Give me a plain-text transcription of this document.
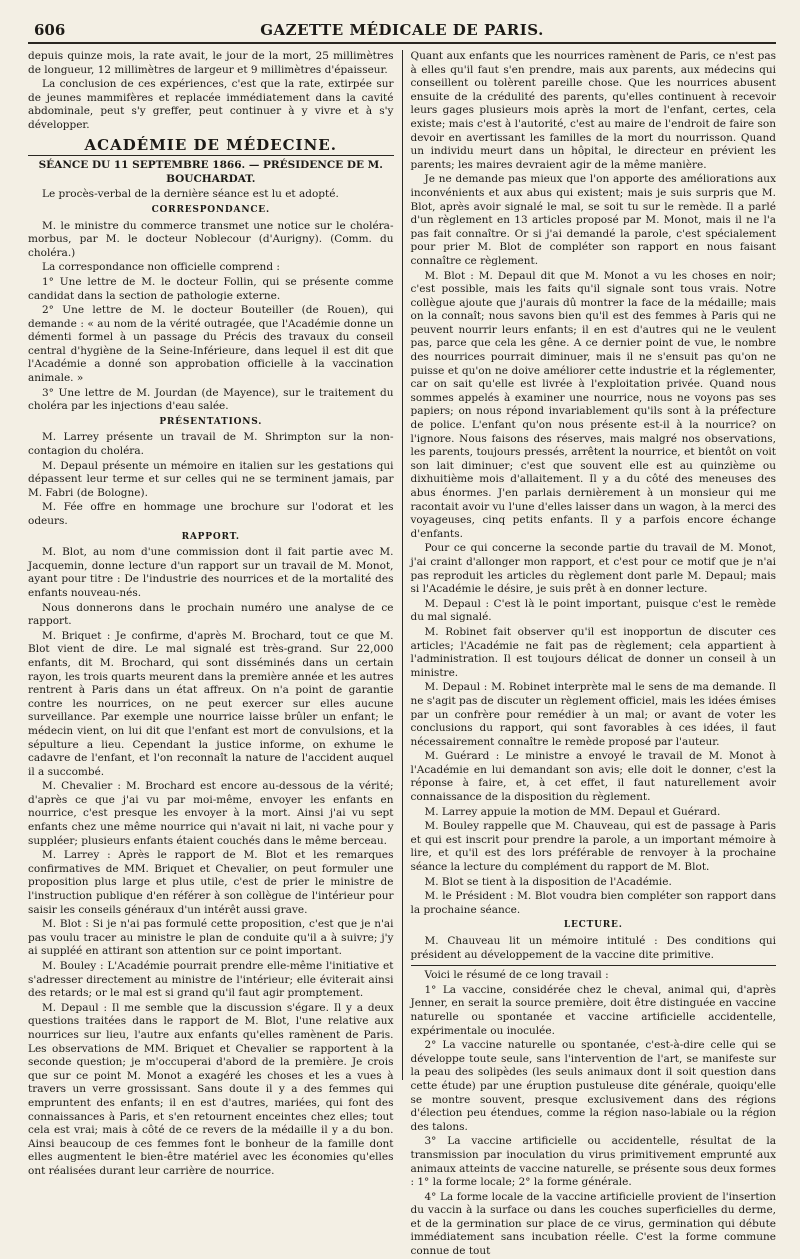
606	GAZETTE MÉDICALE DE PARIS.

depuis quinze mois, la rate avait, le jour de la mort, 25 millimètres de longueur, 12 millimètres de largeur et 9 millimètres d'épaisseur.

La conclusion de ces expériences, c'est que la rate, extirpée sur de jeunes mammifères et replacée immédiatement dans la cavité abdominale, peut s'y greffer, peut continuer à y vivre et à s'y développer.

ACADÉMIE DE MÉDECINE.
SÉANCE DU 11 SEPTEMBRE 1866. — PRÉSIDENCE DE M. BOUCHARDAT.

Le procès-verbal de la dernière séance est lu et adopté.

CORRESPONDANCE.

M. le ministre du commerce transmet une notice sur le choléra-morbus, par M. le docteur Noblecour (d'Aurigny). (Comm. du choléra.)

La correspondance non officielle comprend :

1° Une lettre de M. le docteur Follin, qui se présente comme candidat dans la section de pathologie externe.

2° Une lettre de M. le docteur Bouteiller (de Rouen), qui demande : « au nom de la vérité outragée, que l'Académie donne un démenti formel à un passage du Précis des travaux du conseil central d'hygiène de la Seine-Inférieure, dans lequel il est dit que l'Académie a donné son approbation officielle à la vaccination animale. »

3° Une lettre de M. Jourdan (de Mayence), sur le traitement du choléra par les injections d'eau salée.

PRÉSENTATIONS.

M. Larrey présente un travail de M. Shrimpton sur la non-contagion du choléra.

M. Depaul présente un mémoire en italien sur les gestations qui dépassent leur terme et sur celles qui ne se terminent jamais, par M. Fabri (de Bologne).

M. Fée offre en hommage une brochure sur l'odorat et les odeurs.

RAPPORT.

M. Blot, au nom d'une commission dont il fait partie avec M. Jacquemin, donne lecture d'un rapport sur un travail de M. Monot, ayant pour titre : De l'industrie des nourrices et de la mortalité des enfants nouveau-nés.

Nous donnerons dans le prochain numéro une analyse de ce rapport.

M. Briquet : Je confirme, d'après M. Brochard, tout ce que M. Blot vient de dire. Le mal signalé est très-grand. Sur 22,000 enfants, dit M. Brochard, qui sont disséminés dans un certain rayon, les trois quarts meurent dans la première année et les autres rentrent à Paris dans un état affreux. On n'a point de garantie contre les nourrices, on ne peut exercer sur elles aucune surveillance. Par exemple une nourrice laisse brûler un enfant; le médecin vient, on lui dit que l'enfant est mort de convulsions, et la sépulture a lieu. Cependant la justice informe, on exhume le cadavre de l'enfant, et l'on reconnaît la nature de l'accident auquel il a succombé.

M. Chevalier : M. Brochard est encore au-dessous de la vérité; d'après ce que j'ai vu par moi-même, envoyer les enfants en nourrice, c'est presque les envoyer à la mort. Ainsi j'ai vu sept enfants chez une même nourrice qui n'avait ni lait, ni vache pour y suppléer; plusieurs enfants étaient couchés dans le même berceau.

M. Larrey : Après le rapport de M. Blot et les remarques confirmatives de MM. Briquet et Chevalier, on peut formuler une proposition plus large et plus utile, c'est de prier le ministre de l'instruction publique d'en référer à son collègue de l'intérieur pour saisir les conseils généraux d'un intérêt aussi grave.

M. Blot : Si je n'ai pas formulé cette proposition, c'est que je n'ai pas voulu tracer au ministre le plan de conduite qu'il a à suivre; j'y ai suppléé en attirant son attention sur ce point important.

M. Bouley : L'Académie pourrait prendre elle-même l'initiative et s'adresser directement au ministre de l'intérieur; elle éviterait ainsi des retards; or le mal est si grand qu'il faut agir promptement.

M. Depaul : Il me semble que la discussion s'égare. Il y a deux questions traitées dans le rapport de M. Blot, l'une relative aux nourrices sur lieu, l'autre aux enfants qu'elles ramènent de Paris. Les observations de MM. Briquet et Chevalier se rapportent à la seconde question; je m'occuperai d'abord de la première. Je crois que sur ce point M. Monot a exagéré les choses et les a vues à travers un verre grossissant. Sans doute il y a des femmes qui empruntent des enfants; il en est d'autres, mariées, qui font des connaissances à Paris, et s'en retournent enceintes chez elles; tout cela est vrai; mais à côté de ce revers de la médaille il y a du bon. Ainsi beaucoup de ces femmes font le bonheur de la famille dont elles augmentent le bien-être matériel avec les économies qu'elles ont réalisées durant leur carrière de nourrice.

Quant aux enfants que les nourrices ramènent de Paris, ce n'est pas à elles qu'il faut s'en prendre, mais aux parents, aux médecins qui conseillent ou tolèrent pareille chose. Que les nourrices abusent ensuite de la crédulité des parents, qu'elles continuent à recevoir leurs gages plusieurs mois après la mort de l'enfant, certes, cela existe; mais c'est à l'autorité, c'est au maire de l'endroit de faire son devoir en avertissant les familles de la mort du nourrisson. Quand un individu meurt dans un hôpital, le directeur en prévient les parents; les maires devraient agir de la même manière.

Je ne demande pas mieux que l'on apporte des améliorations aux inconvénients et aux abus qui existent; mais je suis surpris que M. Blot, après avoir signalé le mal, se soit tu sur le remède. Il a parlé d'un règlement en 13 articles proposé par M. Monot, mais il ne l'a pas fait connaître. Or si j'ai demandé la parole, c'est spécialement pour prier M. Blot de compléter son rapport en nous faisant connaître ce règlement.

M. Blot : M. Depaul dit que M. Monot a vu les choses en noir; c'est possible, mais les faits qu'il signale sont tous vrais. Notre collègue ajoute que j'aurais dû montrer la face de la médaille; mais on la connaît; nous savons bien qu'il est des femmes à Paris qui ne peuvent nourrir leurs enfants; il en est d'autres qui ne le veulent pas, parce que cela les gêne. A ce dernier point de vue, le nombre des nourrices pourrait diminuer, mais il ne s'ensuit pas qu'on ne puisse et qu'on ne doive améliorer cette industrie et la réglementer, car on sait qu'elle est livrée à l'exploitation privée. Quand nous sommes appelés à examiner une nourrice, nous ne voyons pas ses papiers; on nous répond invariablement qu'ils sont à la préfecture de police. L'enfant qu'on nous présente est-il à la nourrice? on l'ignore. Nous faisons des réserves, mais malgré nos observations, les parents, toujours pressés, arrêtent la nourrice, et bientôt on voit son lait diminuer; c'est que souvent elle est au quinzième ou dixhuitième mois d'allaitement. Il y a du côté des meneuses des abus énormes. J'en parlais dernièrement à un monsieur qui me racontait avoir vu l'une d'elles laisser dans un wagon, à la merci des voyageuses, cinq petits enfants. Il y a parfois encore échange d'enfants.

Pour ce qui concerne la seconde partie du travail de M. Monot, j'ai craint d'allonger mon rapport, et c'est pour ce motif que je n'ai pas reproduit les articles du règlement dont parle M. Depaul; mais si l'Académie le désire, je suis prêt à en donner lecture.

M. Depaul : C'est là le point important, puisque c'est le remède du mal signalé.

M. Robinet fait observer qu'il est inopportun de discuter ces articles; l'Académie ne fait pas de règlement; cela appartient à l'administration. Il est toujours délicat de donner un conseil à un ministre.

M. Depaul : M. Robinet interprète mal le sens de ma demande. Il ne s'agit pas de discuter un règlement officiel, mais les idées émises par un confrère pour remédier à un mal; or avant de voter les conclusions du rapport, qui sont favorables à ces idées, il faut nécessairement connaître le remède proposé par l'auteur.

M. Guérard : Le ministre a envoyé le travail de M. Monot à l'Académie en lui demandant son avis; elle doit le donner, c'est la réponse à faire, et, à cet effet, il faut naturellement avoir connaissance de la disposition du règlement.

M. Larrey appuie la motion de MM. Depaul et Guérard.

M. Bouley rappelle que M. Chauveau, qui est de passage à Paris et qui est inscrit pour prendre la parole, a un important mémoire à lire, et qu'il est des lors préférable de renvoyer à la prochaine séance la lecture du complément du rapport de M. Blot.

M. Blot se tient à la disposition de l'Académie.

M. le Président : M. Blot voudra bien compléter son rapport dans la prochaine séance.

LECTURE.

M. Chauveau lit un mémoire intitulé : Des conditions qui président au développement de la vaccine dite primitive.

Voici le résumé de ce long travail :

1° La vaccine, considérée chez le cheval, animal qui, d'après Jenner, en serait la source première, doit être distinguée en vaccine naturelle ou spontanée et vaccine artificielle accidentelle, expérimentale ou inoculée.

2° La vaccine naturelle ou spontanée, c'est-à-dire celle qui se développe toute seule, sans l'intervention de l'art, se manifeste sur la peau des solipèdes (les seuls animaux dont il soit question dans cette étude) par une éruption pustuleuse dite générale, quoiqu'elle se montre souvent, presque exclusivement dans des régions d'élection peu étendues, comme la région naso-labiale ou la région des talons.

3° La vaccine artificielle ou accidentelle, résultat de la transmission par inoculation du virus primitivement emprunté aux animaux atteints de vaccine naturelle, se présente sous deux formes : 1° la forme locale; 2° la forme générale.

4° La forme locale de la vaccine artificielle provient de l'insertion du vaccin à la surface ou dans les couches superficielles du derme, et de la germination sur place de ce virus, germination qui débute immédiatement sans incubation réelle. C'est la forme commune connue de tout
